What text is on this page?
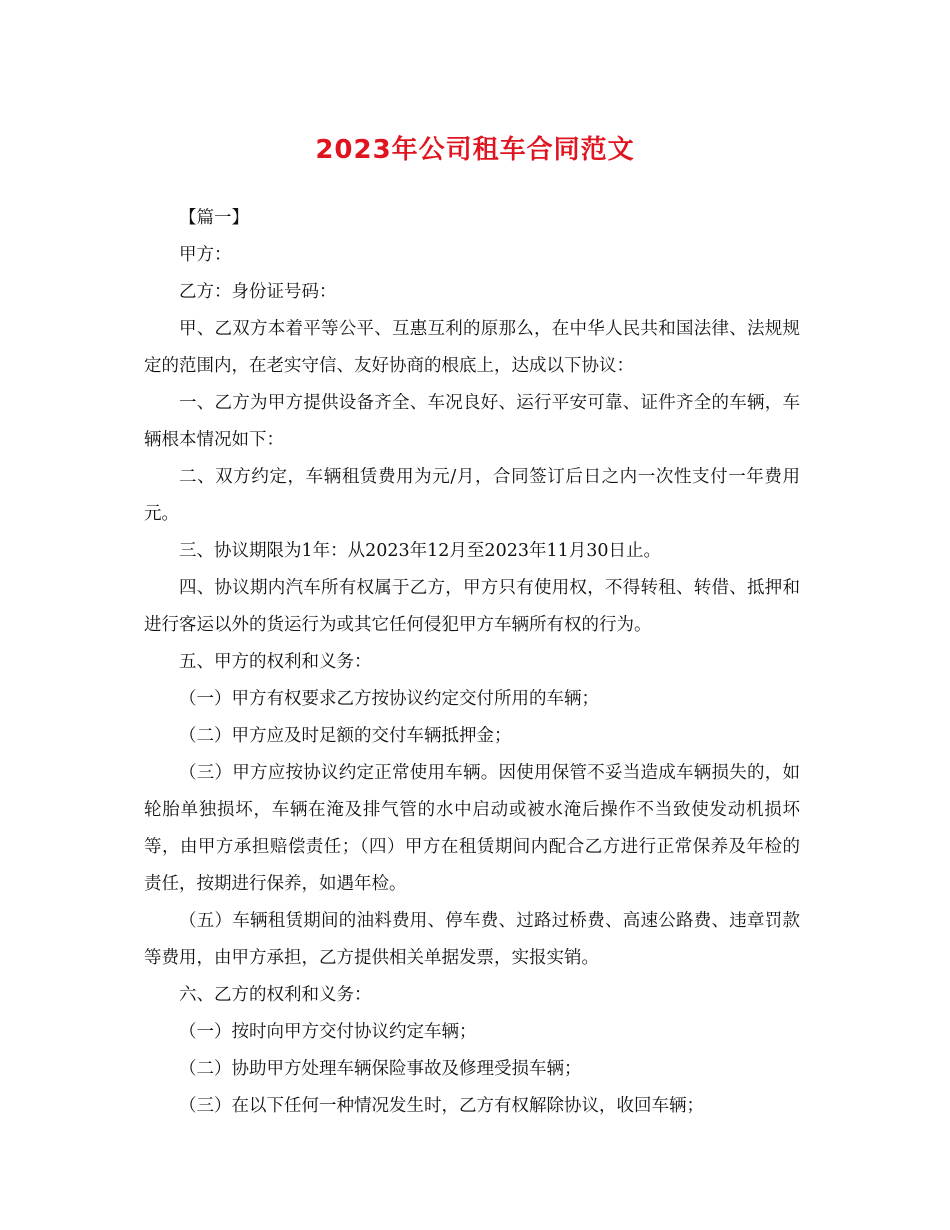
2023年公司租车合同范文

【篇一】

甲方：

乙方：身份证号码：

甲、乙双方本着平等公平、互惠互利的原那么，在中华人民共和国法律、法规规定的范围内，在老实守信、友好协商的根底上，达成以下协议：

一、乙方为甲方提供设备齐全、车况良好、运行平安可靠、证件齐全的车辆，车辆根本情况如下：

二、双方约定，车辆租赁费用为元/月，合同签订后日之内一次性支付一年费用元。

三、协议期限为1年：从2023年12月至2023年11月30日止。

四、协议期内汽车所有权属于乙方，甲方只有使用权，不得转租、转借、抵押和进行客运以外的货运行为或其它任何侵犯甲方车辆所有权的行为。

五、甲方的权利和义务：

（一）甲方有权要求乙方按协议约定交付所用的车辆；

（二）甲方应及时足额的交付车辆抵押金；

（三）甲方应按协议约定正常使用车辆。因使用保管不妥当造成车辆损失的，如轮胎单独损坏，车辆在淹及排气管的水中启动或被水淹后操作不当致使发动机损坏等，由甲方承担赔偿责任；（四）甲方在租赁期间内配合乙方进行正常保养及年检的责任，按期进行保养，如遇年检。

（五）车辆租赁期间的油料费用、停车费、过路过桥费、高速公路费、违章罚款等费用，由甲方承担，乙方提供相关单据发票，实报实销。

六、乙方的权利和义务：

（一）按时向甲方交付协议约定车辆；

（二）协助甲方处理车辆保险事故及修理受损车辆；

（三）在以下任何一种情况发生时，乙方有权解除协议，收回车辆；
